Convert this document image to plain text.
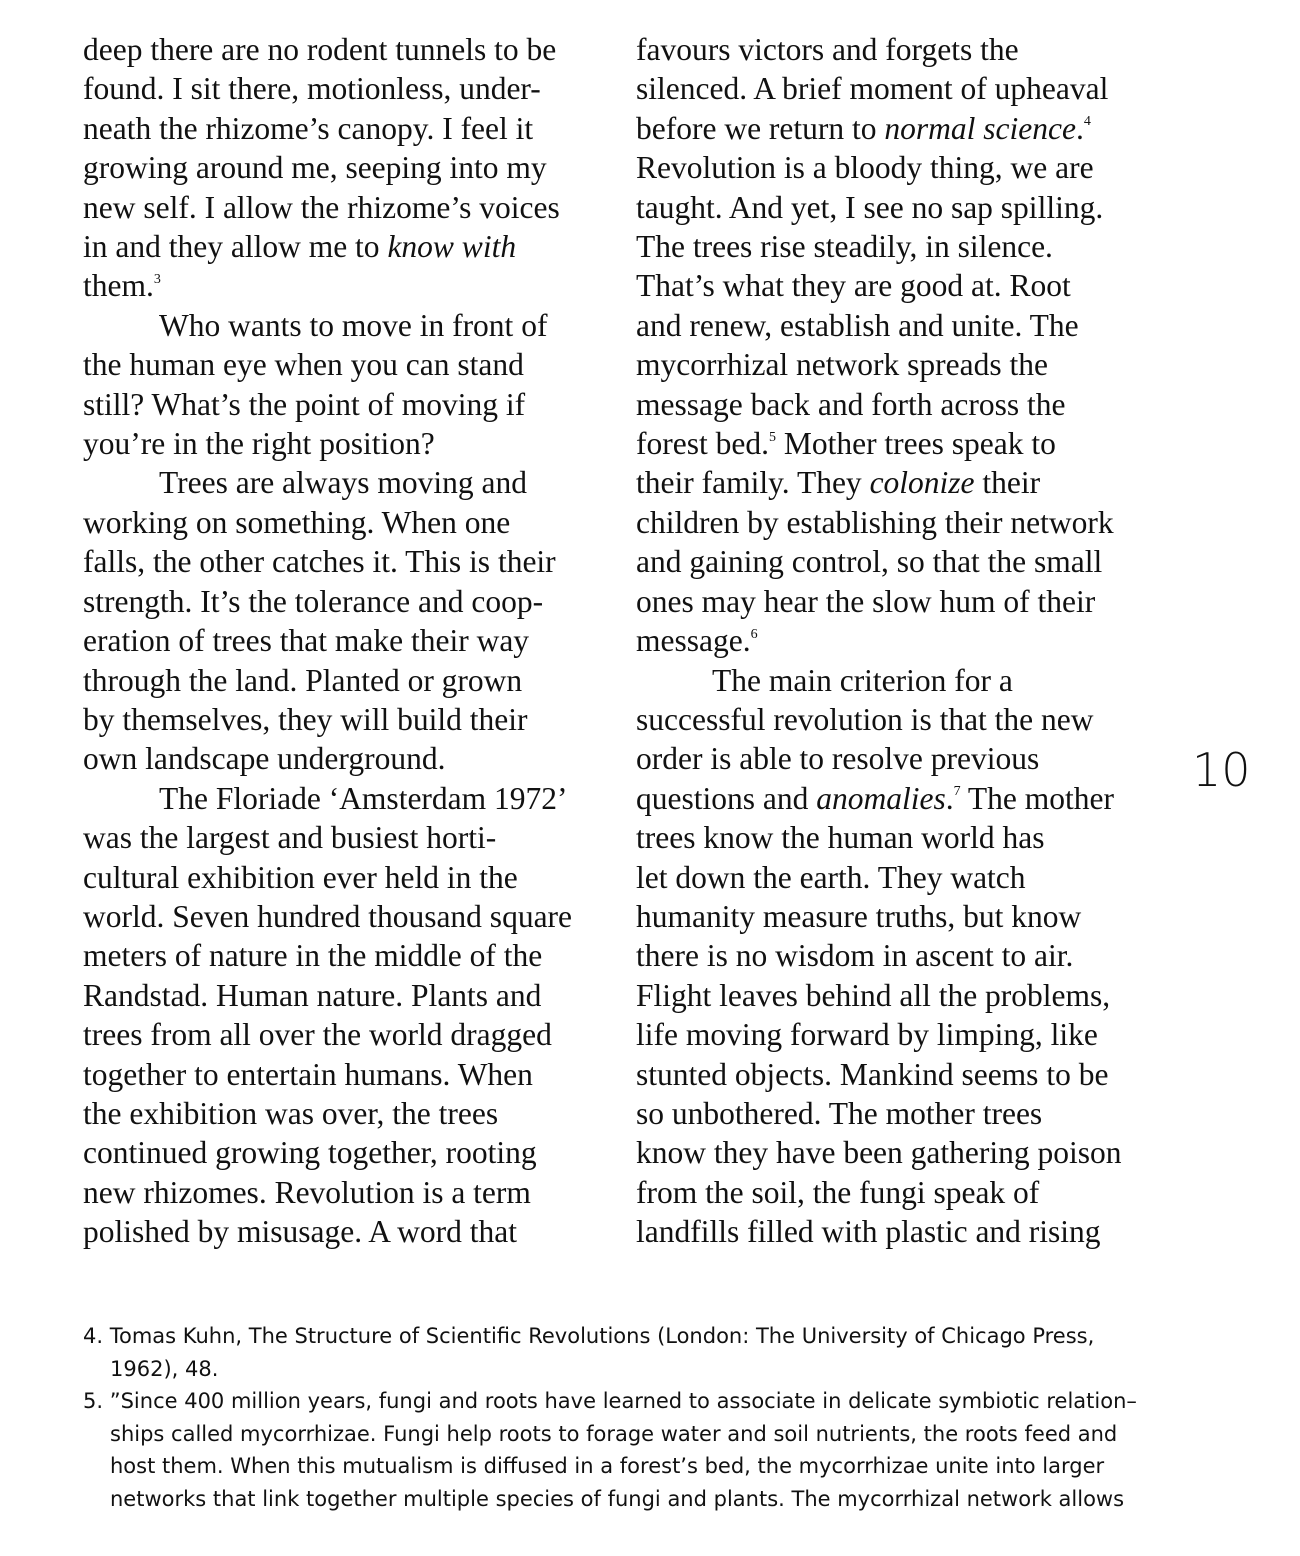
deep there are no rodent tunnels to be
found. I sit there, motionless, under-
neath the rhizome’s canopy. I feel it
growing around me, seeping into my
new self. I allow the rhizome’s voices
in and they allow me to know with
them.$^3$
Who wants to move in front of
the human eye when you can stand
still? What’s the point of moving if
you’re in the right position?
Trees are always moving and
working on something. When one
falls, the other catches it. This is their
strength. It’s the tolerance and coop-
eration of trees that make their way
through the land. Planted or grown
by themselves, they will build their
own landscape underground.
The Floriade ‘Amsterdam 1972’
was the largest and busiest horti-
cultural exhibition ever held in the
world. Seven hundred thousand square
meters of nature in the middle of the
Randstad. Human nature. Plants and
trees from all over the world dragged
together to entertain humans. When
the exhibition was over, the trees
continued growing together, rooting
new rhizomes. Revolution is a term
polished by misusage. A word that
favours victors and forgets the
silenced. A brief moment of upheaval
before we return to normal science.$^4$
Revolution is a bloody thing, we are
taught. And yet, I see no sap spilling.
The trees rise steadily, in silence.
That’s what they are good at. Root
and renew, establish and unite. The
mycorrhizal network spreads the
message back and forth across the
forest bed.$^5$ Mother trees speak to
their family. They colonize their
children by establishing their network
and gaining control, so that the small
ones may hear the slow hum of their
message.$^6$
The main criterion for a
successful revolution is that the new
order is able to resolve previous
questions and anomalies.$^7$ The mother
trees know the human world has
let down the earth. They watch
humanity measure truths, but know
there is no wisdom in ascent to air.
Flight leaves behind all the problems,
life moving forward by limping, like
stunted objects. Mankind seems to be
so unbothered. The mother trees
know they have been gathering poison
from the soil, the fungi speak of
landfills filled with plastic and rising
10
4. Tomas Kuhn, The Structure of Scientific Revolutions (London: The University of Chicago Press,
1962), 48.
5. ”Since 400 million years, fungi and roots have learned to associate in delicate symbiotic relation–
ships called mycorrhizae. Fungi help roots to forage water and soil nutrients, the roots feed and
host them. When this mutualism is diffused in a forest’s bed, the mycorrhizae unite into larger
networks that link together multiple species of fungi and plants. The mycorrhizal network allows
